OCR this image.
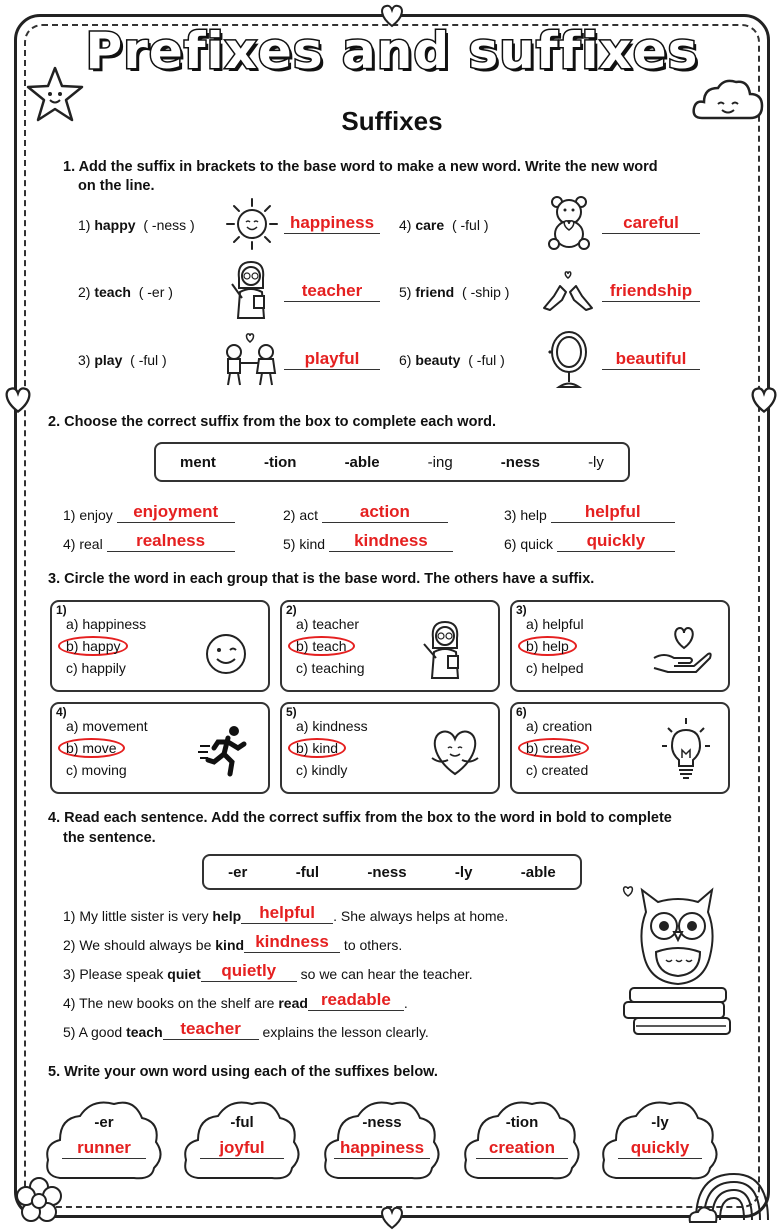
Prefixes and suffixes
Suffixes
1. Add the suffix in brackets to the base word to make a new word. Write the new word
on the line.
1) happy ( -ness )	happiness	4) care ( -ful )	careful
2) teach ( -er )	teacher	5) friend ( -ship )	friendship
3) play ( -ful )	playful	6) beauty ( -ful )	beautiful
2. Choose the correct suffix from the box to complete each word.
ment	-tion	-able	-ing	-ness	-ly
1) enjoy enjoyment	2) act action	3) help helpful
4) real realness	5) kind kindness	6) quick quickly
3. Circle the word in each group that is the base word. The others have a suffix.
1)
a) happiness
b) happy
c) happily
2)
a) teacher
b) teach
c) teaching
3)
a) helpful
b) help
c) helped
4)
a) movement
b) move
c) moving
5)
a) kindness
b) kind
c) kindly
6)
a) creation
b) create
c) created
4. Read each sentence. Add the correct suffix from the box to the word in bold to complete
the sentence.
-er	-ful	-ness	-ly	-able
1) My little sister is very help helpful . She always helps at home.
2) We should always be kind kindness to others.
3) Please speak quiet quietly so we can hear the teacher.
4) The new books on the shelf are read readable .
5) A good teach teacher explains the lesson clearly.
5. Write your own word using each of the suffixes below.
-er
runner
-ful
joyful
-ness
happiness
-tion
creation
-ly
quickly
